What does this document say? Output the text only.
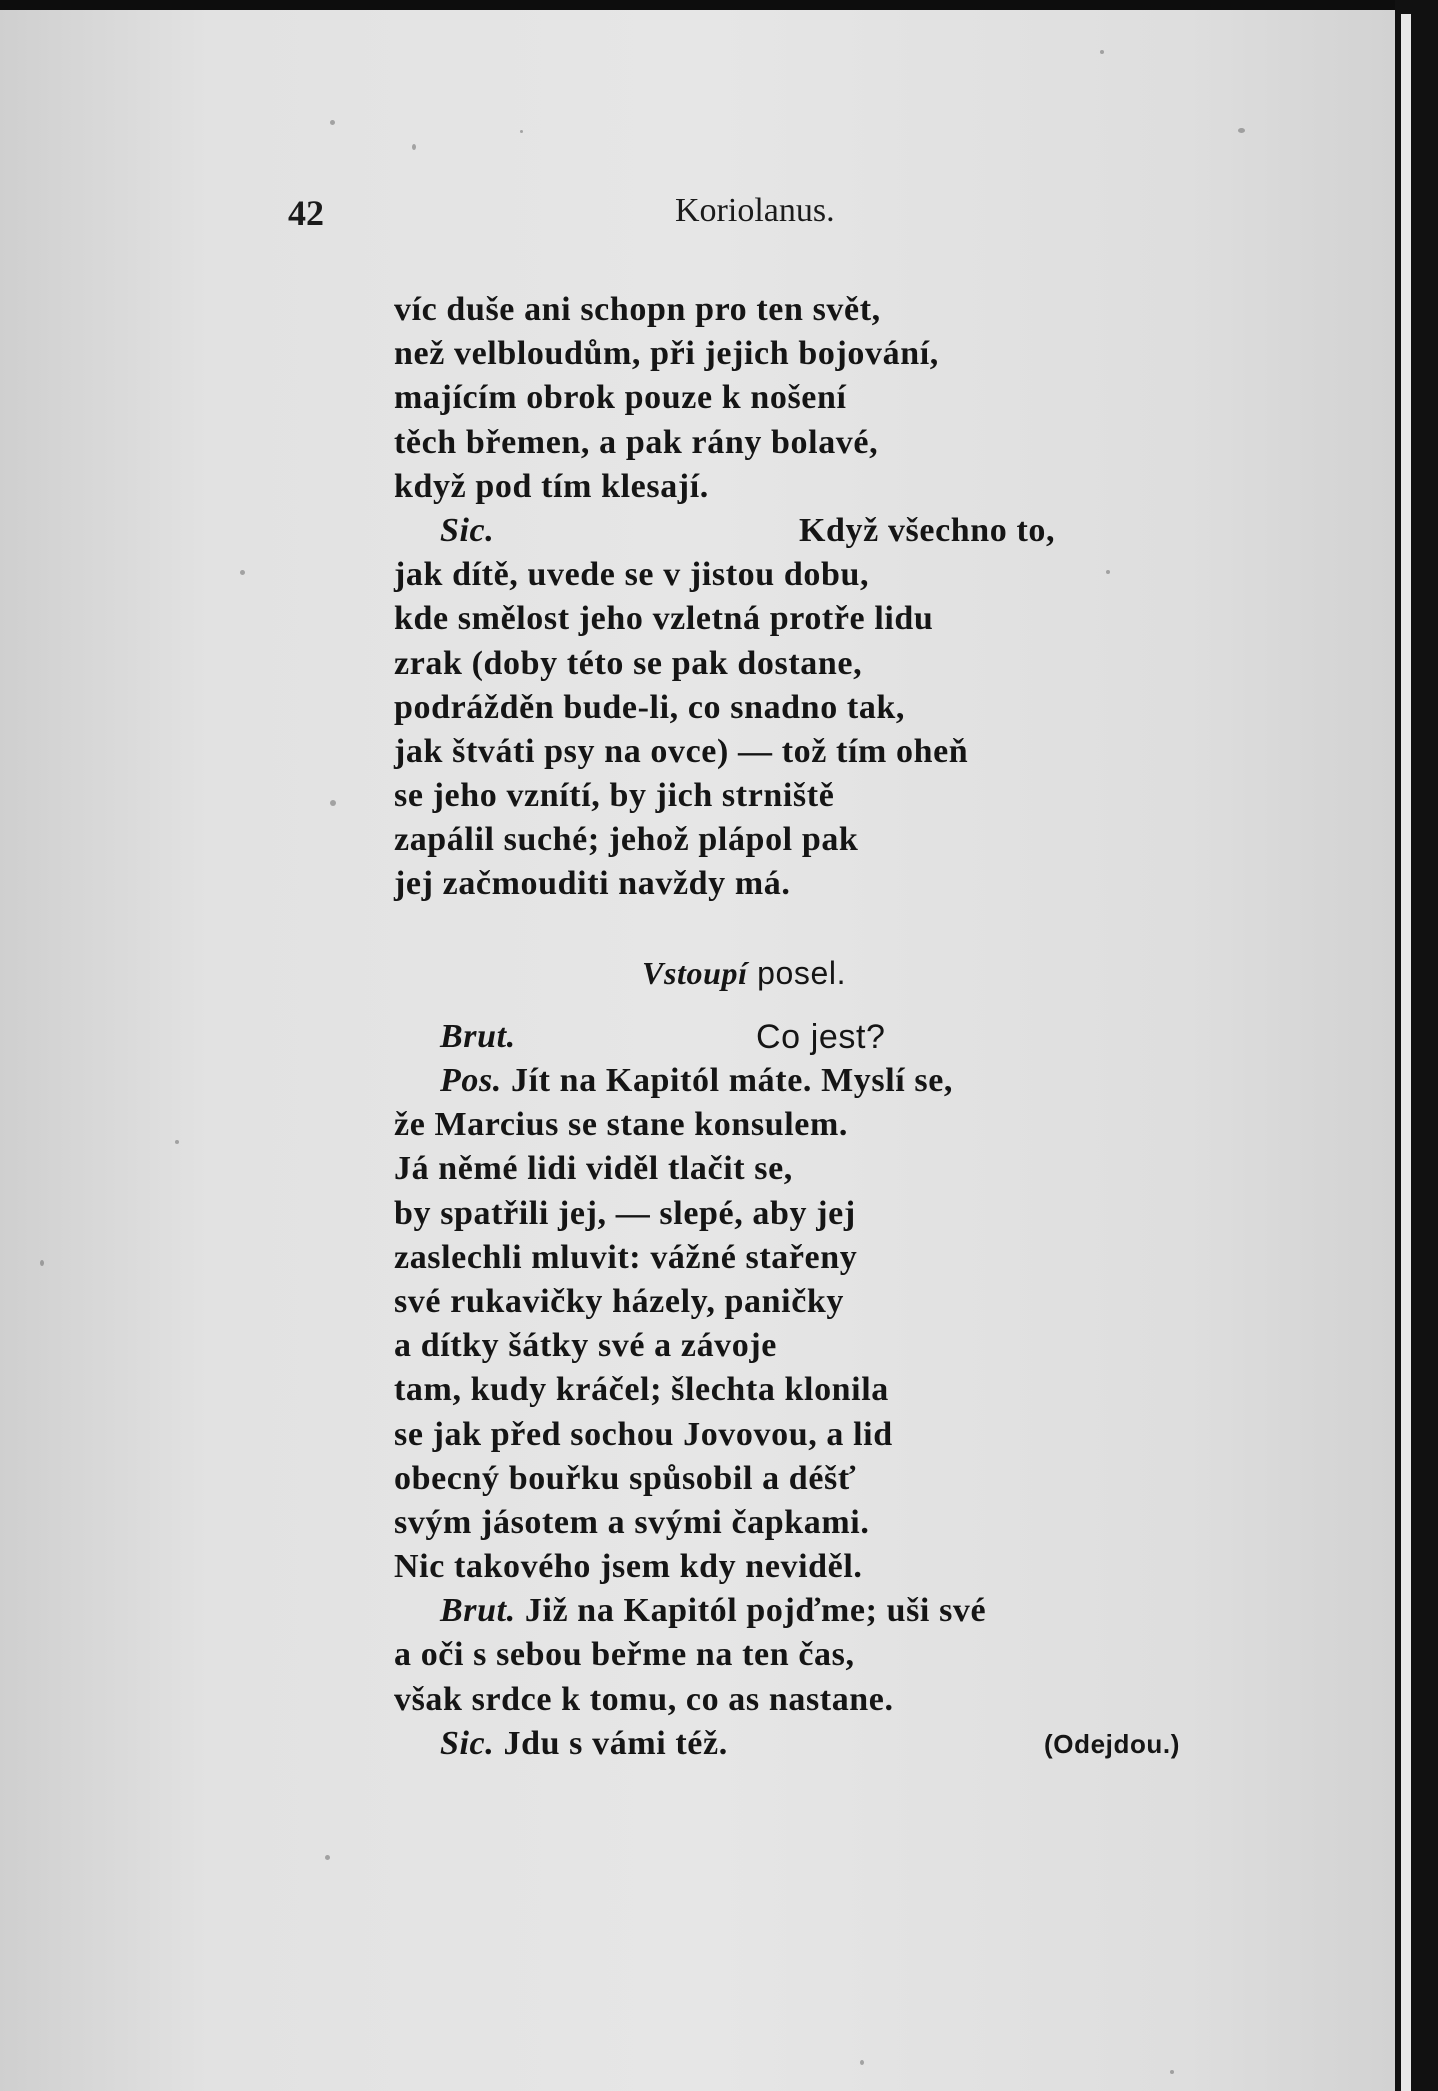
42	Koriolanus.
víc duše ani schopn pro ten svět,
než velbloudům, při jejich bojování,
majícím obrok pouze k nošení
těch břemen, a pak rány bolavé,
když pod tím klesají.
Sic.	Když všechno to,
jak dítě, uvede se v jistou dobu,
kde smělost jeho vzletná protře lidu
zrak (doby této se pak dostane,
podrážděn bude-li, co snadno tak,
jak štváti psy na ovce) — tož tím oheň
se jeho vznítí, by jich strniště
zapálil suché; jehož plápol pak
jej začmouditi navždy má.
Vstoupí posel.
Brut.	Co jest?
Pos. Jít na Kapitól máte. Myslí se,
že Marcius se stane konsulem.
Já němé lidi viděl tlačit se,
by spatřili jej, — slepé, aby jej
zaslechli mluvit: vážné stařeny
své rukavičky házely, paničky
a dítky šátky své a závoje
tam, kudy kráčel; šlechta klonila
se jak před sochou Jovovou, a lid
obecný bouřku spůsobil a déšť
svým jásotem a svými čapkami.
Nic takového jsem kdy neviděl.
Brut. Již na Kapitól pojďme; uši své
a oči s sebou beřme na ten čas,
však srdce k tomu, co as nastane.
Sic. Jdu s vámi též.	(Odejdou.)
